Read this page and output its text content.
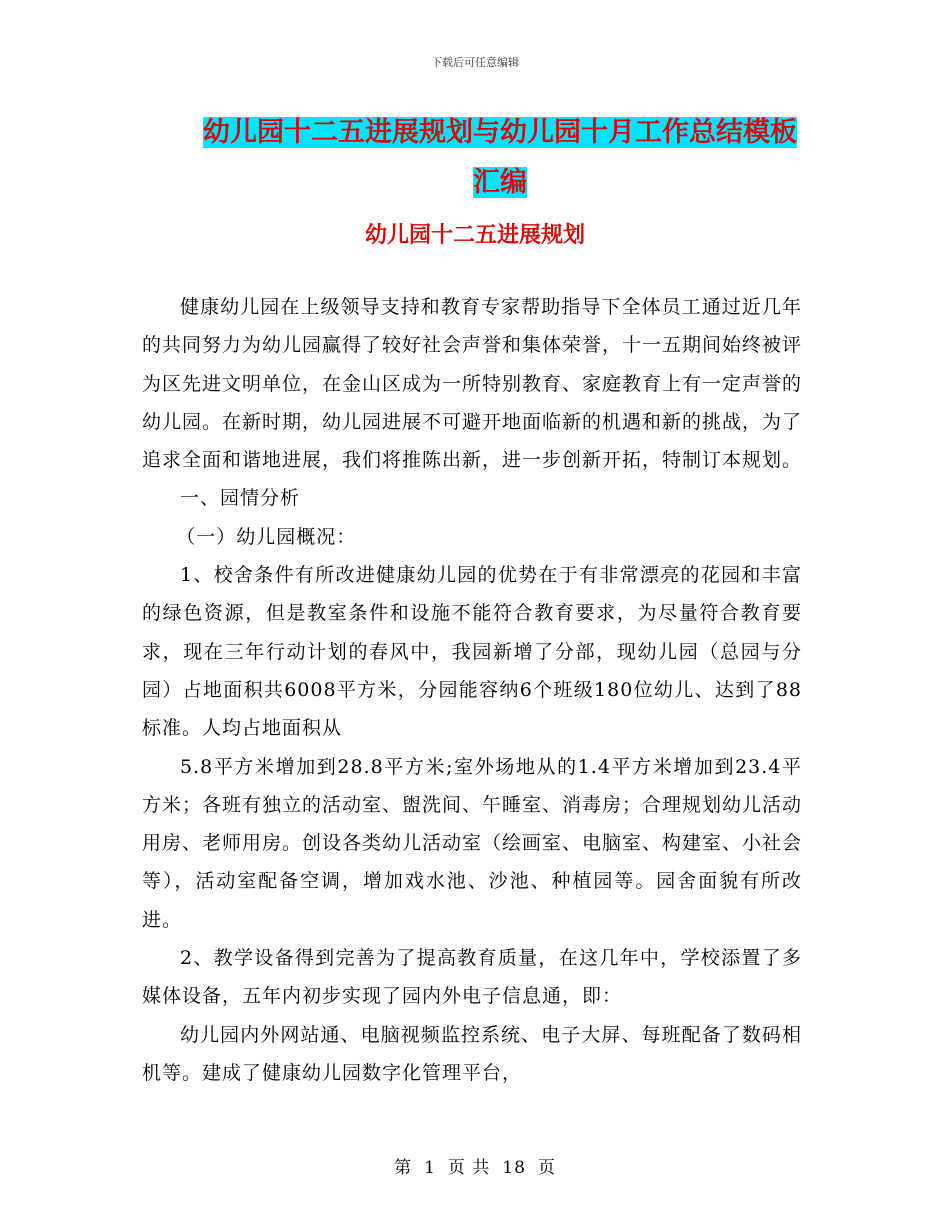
下载后可任意编辑
幼儿园十二五进展规划与幼儿园十月工作总结模板汇编
幼儿园十二五进展规划

健康幼儿园在上级领导支持和教育专家帮助指导下全体员工通过近几年的共同努力为幼儿园赢得了较好社会声誉和集体荣誉，十一五期间始终被评为区先进文明单位，在金山区成为一所特别教育、家庭教育上有一定声誉的幼儿园。在新时期，幼儿园进展不可避开地面临新的机遇和新的挑战，为了追求全面和谐地进展，我们将推陈出新，进一步创新开拓，特制订本规划。

一、园情分析

（一）幼儿园概况：

1、校舍条件有所改进健康幼儿园的优势在于有非常漂亮的花园和丰富的绿色资源，但是教室条件和设施不能符合教育要求，为尽量符合教育要求，现在三年行动计划的春风中，我园新增了分部，现幼儿园（总园与分园）占地面积共6008平方米，分园能容纳6个班级180位幼儿、达到了88标准。人均占地面积从

5.8平方米增加到28.8平方米;室外场地从的1.4平方米增加到23.4平方米；各班有独立的活动室、盥洗间、午睡室、消毒房；合理规划幼儿活动用房、老师用房。创设各类幼儿活动室（绘画室、电脑室、构建室、小社会等），活动室配备空调，增加戏水池、沙池、种植园等。园舍面貌有所改进。

2、教学设备得到完善为了提高教育质量，在这几年中，学校添置了多媒体设备，五年内初步实现了园内外电子信息通，即：

幼儿园内外网站通、电脑视频监控系统、电子大屏、每班配备了数码相机等。建成了健康幼儿园数字化管理平台，

第 1 页 共 18 页
